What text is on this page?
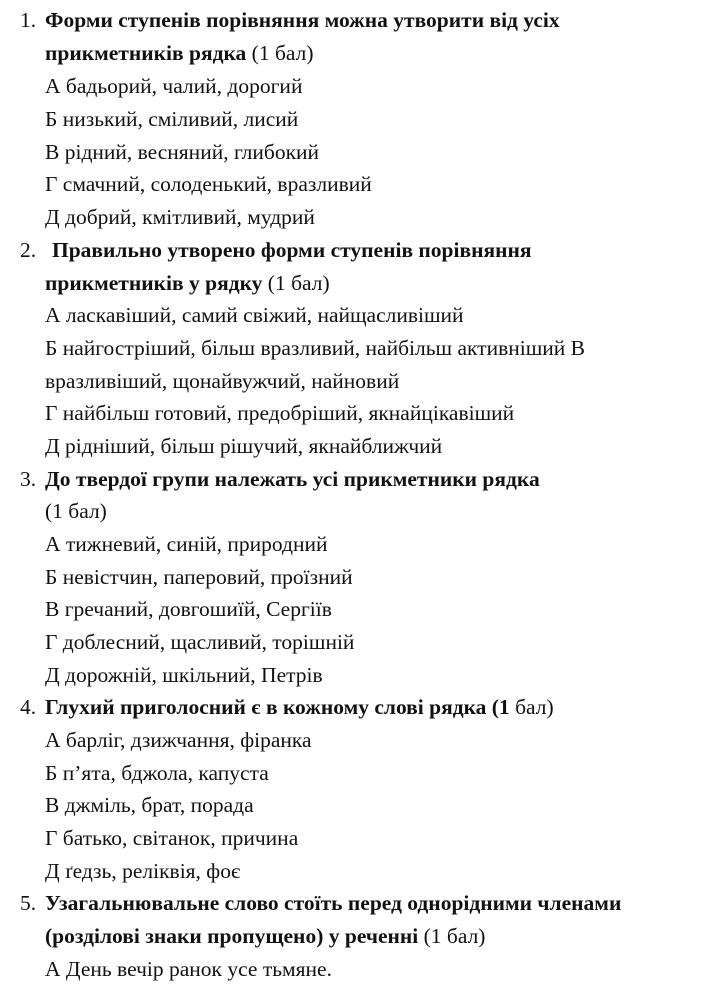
1. Форми ступенів порівняння можна утворити від усіх
прикметників рядка (1 бал)
А бадьорий, чалий, дорогий
Б низький, сміливий, лисий
В рідний, весняний, глибокий
Г смачний, солоденький, вразливий
Д добрий, кмітливий, мудрий
2. Правильно утворено форми ступенів порівняння
прикметників у рядку (1 бал)
А ласкавіший, самий свіжий, найщасливіший
Б найгостріший, більш вразливий, найбільш активніший В
вразливіший, щонайвужчий, найновий
Г найбільш готовий, предобріший, якнайцікавіший
Д рідніший, більш рішучий, якнайближчий
3. До твердої групи належать усі прикметники рядка
(1 бал)
А тижневий, синій, природний
Б невістчин, паперовий, проїзний
В гречаний, довгошиїй, Сергіїв
Г доблесний, щасливий, торішній
Д дорожній, шкільний, Петрів
4. Глухий приголосний є в кожному слові рядка (1 бал)
А барліг, дзижчання, фіранка
Б п’ята, бджола, капуста
В джміль, брат, порада
Г батько, світанок, причина
Д ґедзь, реліквія, фоє
5. Узагальнювальне слово стоїть перед однорідними членами
(розділові знаки пропущено) у реченні (1 бал)
А День вечір ранок усе тьмяне.
